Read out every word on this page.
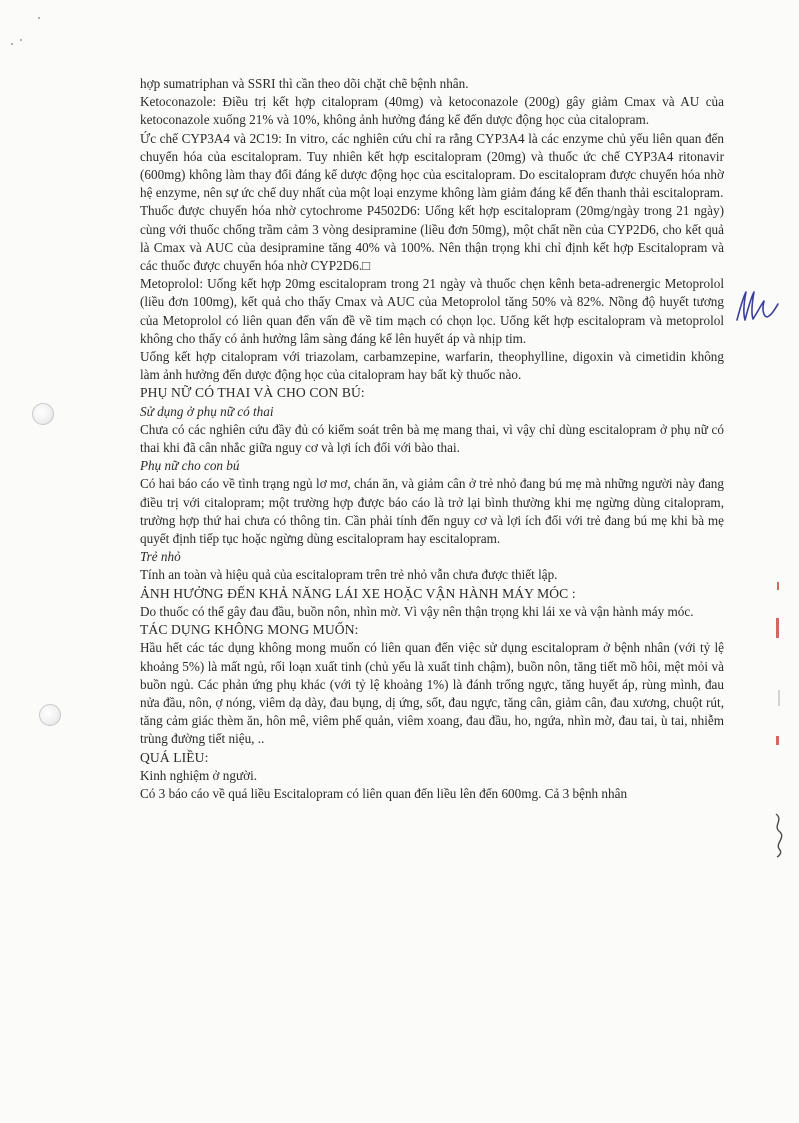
hợp sumatriphan và SSRI thì cần theo dõi chặt chẽ bệnh nhân.

Ketoconazole: Điều trị kết hợp citalopram (40mg) và ketoconazole (200g) gây giảm Cmax và AU của ketoconazole xuống 21% và 10%, không ảnh hưởng đáng kể đến dược động học của citalopram.

Ức chế CYP3A4 và 2C19: In vitro, các nghiên cứu chỉ ra rằng CYP3A4 là các enzyme chủ yếu liên quan đến chuyển hóa của escitalopram. Tuy nhiên kết hợp escitalopram (20mg) và thuốc ức chế CYP3A4 ritonavir (600mg) không làm thay đổi đáng kể dược động học của escitalopram. Do escitalopram được chuyển hóa nhờ hệ enzyme, nên sự ức chế duy nhất của một loại enzyme không làm giảm đáng kể đến thanh thải escitalopram.

Thuốc được chuyển hóa nhờ cytochrome P4502D6: Uống kết hợp escitalopram (20mg/ngày trong 21 ngày) cùng với thuốc chống trầm cảm 3 vòng desipramine (liều đơn 50mg), một chất nền của CYP2D6, cho kết quả là Cmax và AUC của desipramine tăng 40% và 100%. Nên thận trọng khi chỉ định kết hợp Escitalopram và các thuốc được chuyển hóa nhờ CYP2D6.□

Metoprolol: Uống kết hợp 20mg escitalopram trong 21 ngày và thuốc chẹn kênh beta-adrenergic Metoprolol (liều đơn 100mg), kết quả cho thấy Cmax và AUC của Metoprolol tăng 50% và 82%. Nồng độ huyết tương của Metoprolol có liên quan đến vấn đề về tim mạch có chọn lọc. Uống kết hợp escitalopram và metoprolol không cho thấy có ảnh hưởng lâm sàng đáng kể lên huyết áp và nhịp tim.

Uống kết hợp citalopram với triazolam, carbamzepine, warfarin, theophylline, digoxin và cimetidin không làm ảnh hưởng đến dược động học của citalopram hay bất kỳ thuốc nào.

PHỤ NỮ CÓ THAI VÀ CHO CON BÚ:

Sử dụng ở phụ nữ có thai

Chưa có các nghiên cứu đầy đủ có kiểm soát trên bà mẹ mang thai, vì vậy chỉ dùng escitalopram ở phụ nữ có thai khi đã cân nhắc giữa nguy cơ và lợi ích đối với bào thai.

Phụ nữ cho con bú

Có hai báo cáo về tình trạng ngủ lơ mơ, chán ăn, và giảm cân ở trẻ nhỏ đang bú mẹ mà những người này đang điều trị với citalopram; một trường hợp được báo cáo là trở lại bình thường khi mẹ ngừng dùng citalopram, trường hợp thứ hai chưa có thông tin. Cần phải tính đến nguy cơ và lợi ích đối với trẻ đang bú mẹ khi bà mẹ quyết định tiếp tục hoặc ngừng dùng escitalopram hay escitalopram.

Trẻ nhỏ

Tính an toàn và hiệu quả của escitalopram trên trẻ nhỏ vẫn chưa được thiết lập.

ẢNH HƯỞNG ĐẾN KHẢ NĂNG LÁI XE HOẶC VẬN HÀNH MÁY MÓC :

Do thuốc có thể gây đau đầu, buồn nôn, nhìn mờ. Vì vậy nên thận trọng khi lái xe và vận hành máy móc.

TÁC DỤNG KHÔNG MONG MUỐN:

Hầu hết các tác dụng không mong muốn có liên quan đến việc sử dụng escitalopram ở bệnh nhân (với tỷ lệ khoảng 5%) là mất ngủ, rối loạn xuất tinh (chủ yếu là xuất tinh chậm), buồn nôn, tăng tiết mồ hôi, mệt mỏi và buồn ngủ. Các phản ứng phụ khác (với tỷ lệ khoảng 1%) là đánh trống ngực, tăng huyết áp, rùng mình, đau nửa đầu, nôn, ợ nóng, viêm dạ dày, đau bụng, dị ứng, sốt, đau ngực, tăng cân, giảm cân, đau xương, chuột rút, tăng cảm giác thèm ăn, hôn mê, viêm phế quản, viêm xoang, đau đầu, ho, ngứa, nhìn mờ, đau tai, ù tai, nhiễm trùng đường tiết niệu, ..

QUÁ LIỀU:

Kinh nghiệm ở người.

Có 3 báo cáo về quá liều Escitalopram có liên quan đến liều lên đến 600mg. Cả 3 bệnh nhân
